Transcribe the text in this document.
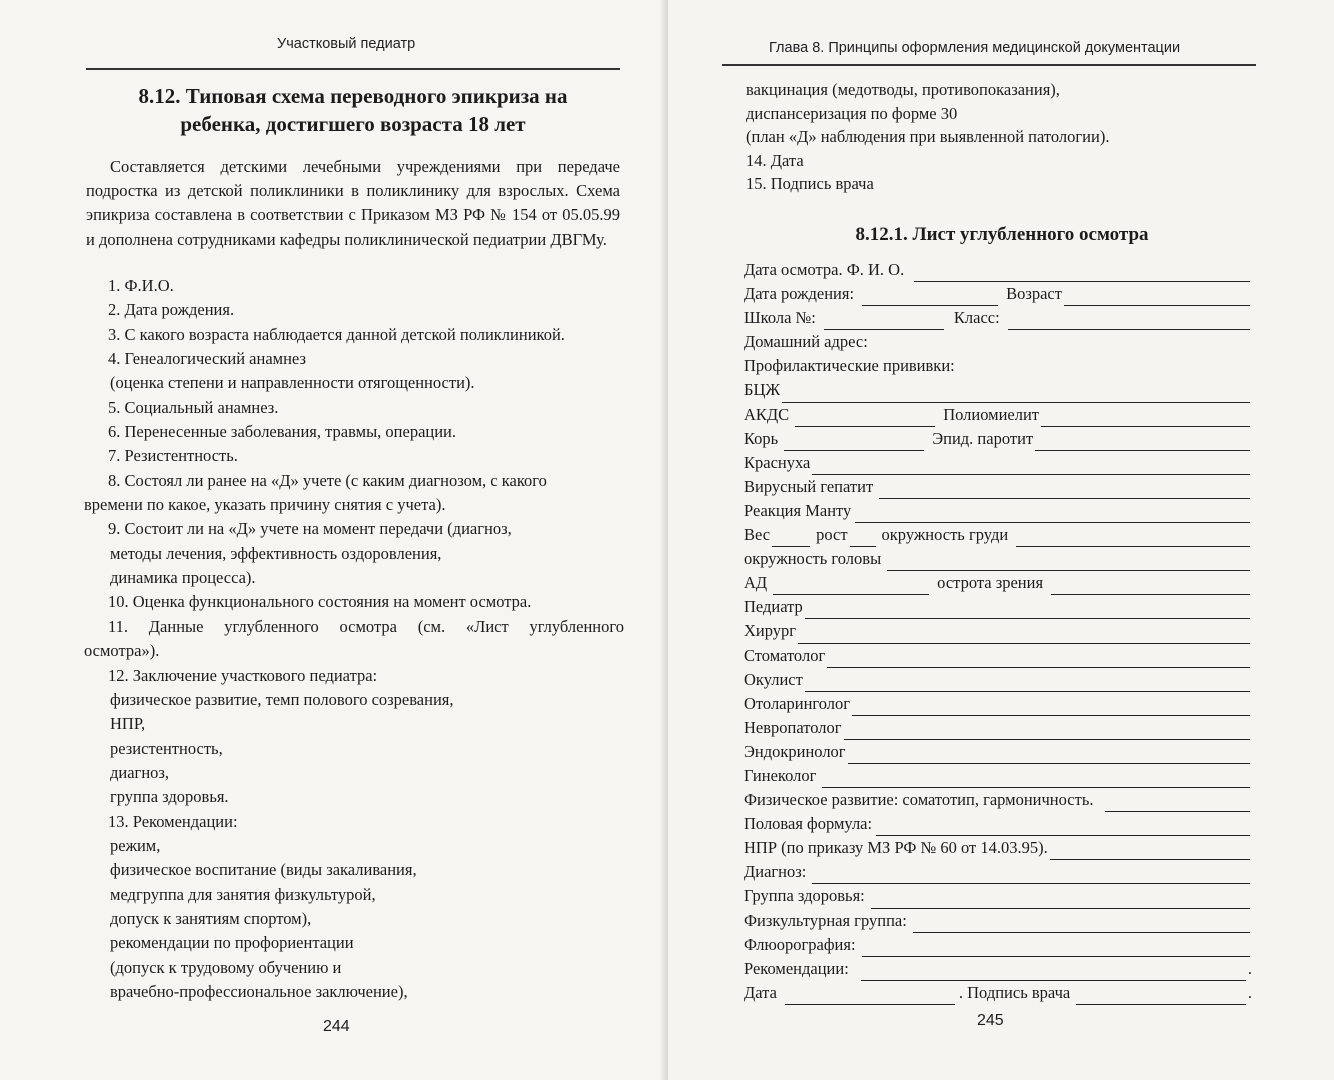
Участковый педиатр
8.12. Типовая схема переводного эпикриза на
ребенка, достигшего возраста 18 лет
Составляется детскими лечебными учреждениями при передаче подростка из детской поликлиники в поликлинику для взрослых. Схема эпикриза составлена в соответствии с Приказом МЗ РФ № 154 от 05.05.99 и дополнена сотрудниками кафедры поликлинической педиатрии ДВГМу.
1. Ф.И.О.
2. Дата рождения.
3. С какого возраста наблюдается данной детской поликлиникой.
4. Генеалогический анамнез
(оценка степени и направленности отягощенности).
5. Социальный анамнез.
6. Перенесенные заболевания, травмы, операции.
7. Резистентность.
8. Состоял ли ранее на «Д» учете (с каким диагнозом, с какого
времени по какое, указать причину снятия с учета).
9. Состоит ли на «Д» учете на момент передачи (диагноз,
методы лечения, эффективность оздоровления,
динамика процесса).
10. Оценка функционального состояния на момент осмотра.
11. Данные углубленного осмотра (см. «Лист углубленного
осмотра»).
12. Заключение участкового педиатра:
физическое развитие, темп полового созревания,
НПР,
резистентность,
диагноз,
группа здоровья.
13. Рекомендации:
режим,
физическое воспитание (виды закаливания,
медгруппа для занятия физкультурой,
допуск к занятиям спортом),
рекомендации по профориентации
(допуск к трудовому обучению и
врачебно-профессиональное заключение),
244
Глава 8. Принципы оформления медицинской документации
вакцинация (медотводы, противопоказания),
диспансеризация по форме 30
(план «Д» наблюдения при выявленной патологии).
14. Дата
15. Подпись врача
8.12.1. Лист углубленного осмотра
Дата осмотра. Ф. И. О.
Дата рождения:	Возраст
Школа №:	Класс:
Домашний адрес:
Профилактические прививки:
БЦЖ
АКДС	Полиомиелит
Корь	Эпид. паротит
Краснуха
Вирусный гепатит
Реакция Манту
Вес	рост окружность груди
окружность головы
АД	острота зрения
Педиатр
Хирург
Стоматолог
Окулист
Отоларинголог
Невропатолог
Эндокринолог
Гинеколог
Физическое развитие: соматотип, гармоничность.
Половая формула:
НПР (по приказу МЗ РФ № 60 от 14.03.95).
Диагноз:
Группа здоровья:
Физкультурная группа:
Флюорография:
Рекомендации:	.
Дата	. Подпись врача	.
245
